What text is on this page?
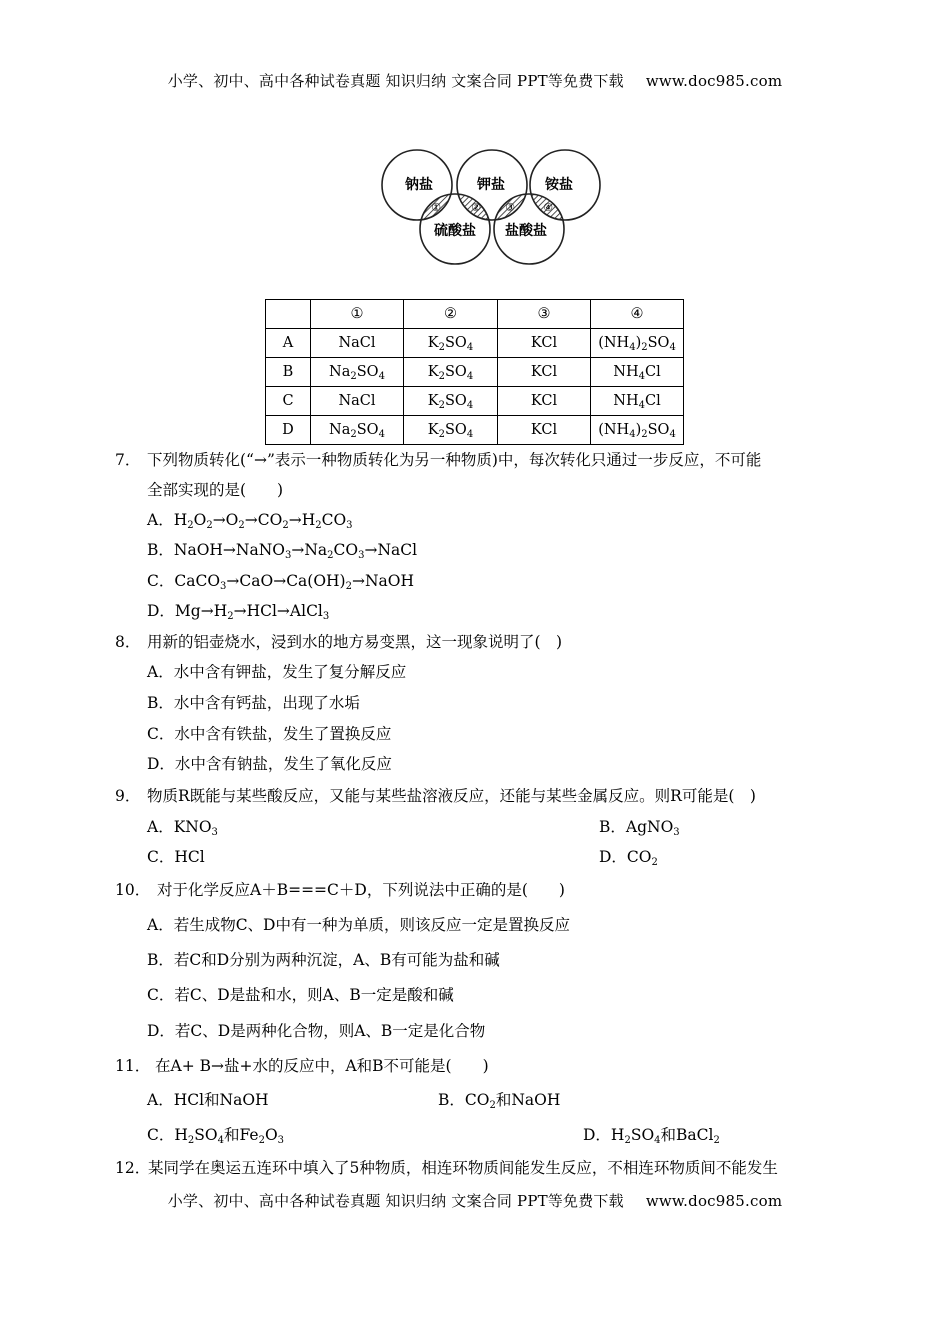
小学、初中、高中各种试卷真题 知识归纳 文案合同 PPT等免费下载 www.doc985.com
钠盐	钾盐	铵盐
硫酸盐 盐酸盐
①	② ③	④
	①	②	③	④
A	NaCl	$K_2SO_4$	KCl	$(NH_4)_2SO_4$
B	$Na_2SO_4$	$K_2SO_4$	KCl	$NH_4Cl$
C	NaCl	$K_2SO_4$	KCl	$NH_4Cl$
D	$Na_2SO_4$	$K_2SO_4$	KCl	$(NH_4)_2SO_4$
7． 下列物质转化(“→”表示一种物质转化为另一种物质)中，每次转化只通过一步反应，不可能
全部实现的是(　　)
A．$H_2O_2\to O_2\to CO_2\to H_2CO_3$
B．$NaOH\to NaNO_3\to Na_2CO_3\to NaCl$
C．$CaCO_3\to CaO\to Ca(OH)_2\to NaOH$
D．$Mg\to H_2\to HCl\to AlCl_3$
8． 用新的铝壶烧水，浸到水的地方易变黑，这一现象说明了(　)
A．水中含有钾盐，发生了复分解反应
B．水中含有钙盐，出现了水垢
C．水中含有铁盐，发生了置换反应
D．水中含有钠盐，发生了氧化反应
9． 物质R既能与某些酸反应，又能与某些盐溶液反应，还能与某些金属反应。则R可能是(　)
A．$KNO_3$	B．AgNO$_3$
C．HCl	D．$CO_2$
10． 对于化学反应A＋B===C＋D，下列说法中正确的是(　　)
A．若生成物C、D中有一种为单质，则该反应一定是置换反应
B．若C和D分别为两种沉淀，A、B有可能为盐和碱
C．若C、D是盐和水，则A、B一定是酸和碱
D．若C、D是两种化合物，则A、B一定是化合物
11． 在A+ B→盐+水的反应中，A和B不可能是(　　)
A．HCl和NaOH	B．$CO_2$和NaOH
C．$H_2SO_4$和$Fe_2O_3$	D．$H_2SO_4$和BaCl$_2$
12．
某同学在奥运五连环中填入了5种物质，相连环物质间能发生反应，不相连环物质间不能发生
小学、初中、高中各种试卷真题 知识归纳 文案合同 PPT等免费下载 www.doc985.com
